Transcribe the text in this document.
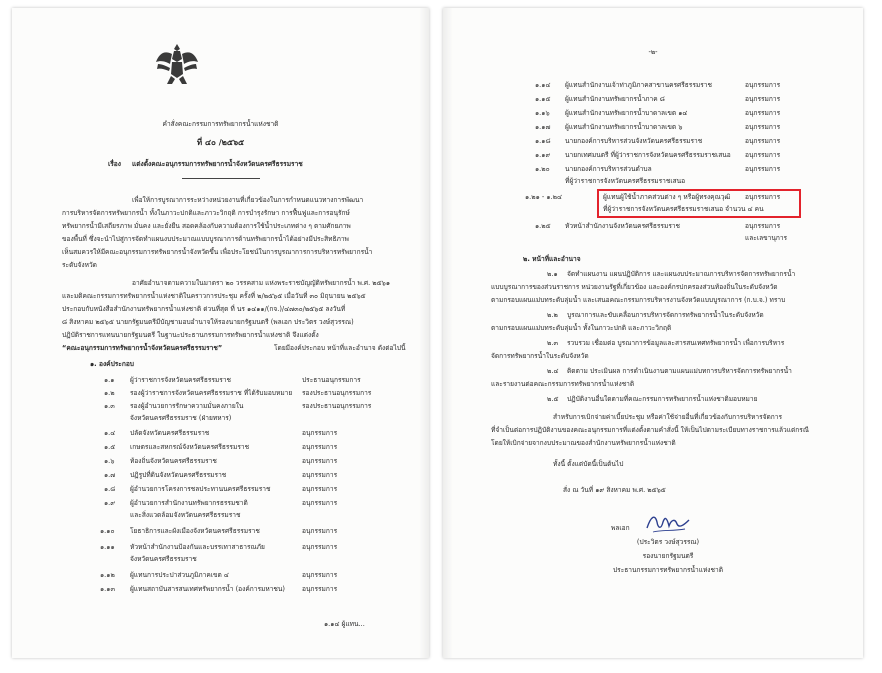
คำสั่งคณะกรรมการทรัพยากรน้ำแห่งชาติ
ที่ ๔๐ /๒๕๖๕
เรื่อง แต่งตั้งคณะอนุกรรมการทรัพยากรน้ำจังหวัดนครศรีธรรมราช
เพื่อให้การบูรณาการระหว่างหน่วยงานที่เกี่ยวข้องในการกำหนดแนวทางการพัฒนา
การบริหารจัดการทรัพยากรน้ำ ทั้งในภาวะปกติและภาวะวิกฤติ การบำรุงรักษา การฟื้นฟูและการอนุรักษ์
ทรัพยากรน้ำมีเสถียรภาพ มั่นคง และยั่งยืน สอดคล้องกับความต้องการใช้น้ำประเภทต่าง ๆ ตามศักยภาพ
ของพื้นที่ ซึ่งจะนำไปสู่การจัดทำแผนงบประมาณแบบบูรณาการด้านทรัพยากรน้ำได้อย่างมีประสิทธิภาพ
เห็นสมควรให้มีคณะอนุกรรมการทรัพยากรน้ำจังหวัดขึ้น เพื่อประโยชน์ในการบูรณาการการบริหารทรัพยากรน้ำ
ระดับจังหวัด
อาศัยอำนาจตามความในมาตรา ๒๐ วรรคสาม แห่งพระราชบัญญัติทรัพยากรน้ำ พ.ศ. ๒๕๖๑
และมติคณะกรรมการทรัพยากรน้ำแห่งชาติในคราวการประชุม ครั้งที่ ๒/๒๕๖๕ เมื่อวันที่ ๓๐ มิถุนายน ๒๕๖๕
ประกอบกับหนังสือสำนักงานทรัพยากรน้ำแห่งชาติ ด่วนที่สุด ที่ นร ๑๔๑๑/(กจ.)/๔๗๓๐/๒๕๖๕ ลงวันที่
๘ สิงหาคม ๒๕๖๕ นายกรัฐมนตรีมีบัญชามอบอำนาจให้รองนายกรัฐมนตรี (พลเอก ประวิตร วงษ์สุวรรณ)
ปฏิบัติราชการแทนนายกรัฐมนตรี ในฐานะประธานกรรมการทรัพยากรน้ำแห่งชาติ จึงแต่งตั้ง
“คณะอนุกรรมการทรัพยากรน้ำจังหวัดนครศรีธรรมราช”	โดยมีองค์ประกอบ หน้าที่และอำนาจ ดังต่อไปนี้
๑. องค์ประกอบ
๑.๑ ผู้ว่าราชการจังหวัดนครศรีธรรมราช	ประธานอนุกรรมการ
๑.๒ รองผู้ว่าราชการจังหวัดนครศรีธรรมราช ที่ได้รับมอบหมาย รองประธานอนุกรรมการ
๑.๓ รองผู้อำนวยการรักษาความมั่นคงภายใน
จังหวัดนครศรีธรรมราช (ฝ่ายทหาร)
รองประธานอนุกรรมการ
๑.๔ ปลัดจังหวัดนครศรีธรรมราช	อนุกรรมการ
๑.๕ เกษตรและสหกรณ์จังหวัดนครศรีธรรมราช	อนุกรรมการ
๑.๖ ท้องถิ่นจังหวัดนครศรีธรรมราช	อนุกรรมการ
๑.๗ ปฏิรูปที่ดินจังหวัดนครศรีธรรมราช	อนุกรรมการ
๑.๘ ผู้อำนวยการโครงการชลประทานนครศรีธรรมราช	อนุกรรมการ
๑.๙ ผู้อำนวยการสำนักงานทรัพยากรธรรมชาติ
และสิ่งแวดล้อมจังหวัดนครศรีธรรมราช
อนุกรรมการ
๑.๑๐ โยธาธิการและผังเมืองจังหวัดนครศรีธรรมราช	อนุกรรมการ
๑.๑๑ หัวหน้าสำนักงานป้องกันและบรรเทาสาธารณภัย
จังหวัดนครศรีธรรมราช
อนุกรรมการ
๑.๑๒ ผู้แทนการประปาส่วนภูมิภาคเขต ๔	อนุกรรมการ
๑.๑๓ ผู้แทนสถาบันสารสนเทศทรัพยากรน้ำ (องค์การมหาชน)	อนุกรรมการ
๑.๑๔ ผู้แทน...
-๒-
๑.๑๔ ผู้แทนสำนักงานเจ้าท่าภูมิภาคสาขานครศรีธรรมราช	อนุกรรมการ
๑.๑๕ ผู้แทนสำนักงานทรัพยากรน้ำภาค ๘	อนุกรรมการ
๑.๑๖ ผู้แทนสำนักงานทรัพยากรน้ำบาดาลเขต ๑๔	อนุกรรมการ
๑.๑๗ ผู้แทนสำนักงานทรัพยากรน้ำบาดาลเขต ๖	อนุกรรมการ
๑.๑๘ นายกองค์การบริหารส่วนจังหวัดนครศรีธรรมราช	อนุกรรมการ
๑.๑๙ นายกเทศมนตรี ที่ผู้ว่าราชการจังหวัดนครศรีธรรมราชเสนอ อนุกรรมการ
๑.๒๐ นายกองค์การบริหารส่วนตำบล
ที่ผู้ว่าราชการจังหวัดนครศรีธรรมราชเสนอ
อนุกรรมการ
๑.๒๑ - ๑.๒๔	ผู้แทนผู้ใช้น้ำภาคส่วนต่าง ๆ หรือผู้ทรงคุณวุฒิ
ที่ผู้ว่าราชการจังหวัดนครศรีธรรมราชเสนอ จำนวน ๔ คน
อนุกรรมการ
๑.๒๕ หัวหน้าสำนักงานจังหวัดนครศรีธรรมราช	อนุกรรมการ
และเลขานุการ
๒. หน้าที่และอำนาจ
๒.๑ จัดทำแผนงาน แผนปฏิบัติการ และแผนงบประมาณการบริหารจัดการทรัพยากรน้ำ
แบบบูรณาการของส่วนราชการ หน่วยงานรัฐที่เกี่ยวข้อง และองค์กรปกครองส่วนท้องถิ่นในระดับจังหวัด
ตามกรอบแผนแม่บทระดับลุ่มน้ำ และเสนอคณะกรรมการบริหารงานจังหวัดแบบบูรณาการ (ก.บ.จ.) ทราบ
๒.๒ บูรณาการและขับเคลื่อนการบริหารจัดการทรัพยากรน้ำในระดับจังหวัด
ตามกรอบแผนแม่บทระดับลุ่มน้ำ ทั้งในภาวะปกติ และภาวะวิกฤติ
๒.๓ รวบรวม เชื่อมต่อ บูรณาการข้อมูลและสารสนเทศทรัพยากรน้ำ เพื่อการบริหาร
จัดการทรัพยากรน้ำในระดับจังหวัด
๒.๔ ติดตาม ประเมินผล การดำเนินงานตามแผนแม่บทการบริหารจัดการทรัพยากรน้ำ
และรายงานต่อคณะกรรมการทรัพยากรน้ำแห่งชาติ
๒.๕ ปฏิบัติงานอื่นใดตามที่คณะกรรมการทรัพยากรน้ำแห่งชาติมอบหมาย
สำหรับการเบิกจ่ายค่าเบี้ยประชุม หรือค่าใช้จ่ายอื่นที่เกี่ยวข้องกับการบริหารจัดการ
ที่จำเป็นต่อการปฏิบัติงานของคณะอนุกรรมการที่แต่งตั้งตามคำสั่งนี้ ให้เป็นไปตามระเบียบทางราชการแล้วแต่กรณี
โดยให้เบิกจ่ายจากงบประมาณของสำนักงานทรัพยากรน้ำแห่งชาติ
ทั้งนี้ ตั้งแต่บัดนี้เป็นต้นไป
สั่ง ณ วันที่ ๑๙ สิงหาคม พ.ศ. ๒๕๖๕
พลเอก
(ประวิตร วงษ์สุวรรณ)
รองนายกรัฐมนตรี
ประธานกรรมการทรัพยากรน้ำแห่งชาติ
